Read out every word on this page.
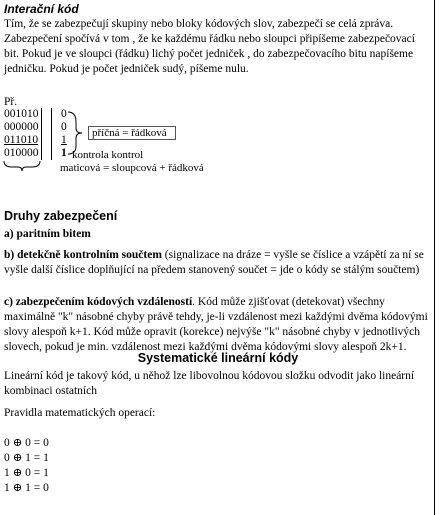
Interační kód
Tím, že se zabezpečují skupiny nebo bloky kódových slov, zabezpečí se celá zpráva. Zabezpečení spočívá v tom , že ke každému řádku nebo sloupci připíšeme zabezpečovací bit. Pokud je ve sloupci (řádku) lichý počet jedniček , do zabezpečovacího bitu napíšeme jedničku. Pokud je počet jedniček sudý, píšeme nulu.
Př.
001010
000000
011010
010000
0
0
1
1
příčná = řádková
kontrola kontrol
maticová = sloupcová + řádková
Druhy zabezpečení
a) paritním bitem
b) detekčně kontrolním součtem (signalizace na dráze = vyšle se číslice a vzápětí za ní se vyšle další číslice doplňující na předem stanovený součet = jde o kódy se stálým součtem)
c) zabezpečením kódových vzdáleností. Kód může zjišťovat (detekovat) všechny maximálně "k" násobné chyby právě tehdy, je-li vzdálenost mezi každými dvěma kódovými slovy alespoň k+1. Kód může opravit (korekce) nejvýše "k" násobné chyby v jednotlivých slovech, pokud je min. vzdálenost mezi každými dvěma kódovými slovy alespoň 2k+1.
Systematické lineární kódy
Lineární kód je takový kód, u něhož lze libovolnou kódovou složku odvodit jako lineární kombinaci ostatních
Pravidla matematických operací:
0 ⊕ 0 = 0
0 ⊕ 1 = 1
1 ⊕ 0 = 1
1 ⊕ 1 = 0
